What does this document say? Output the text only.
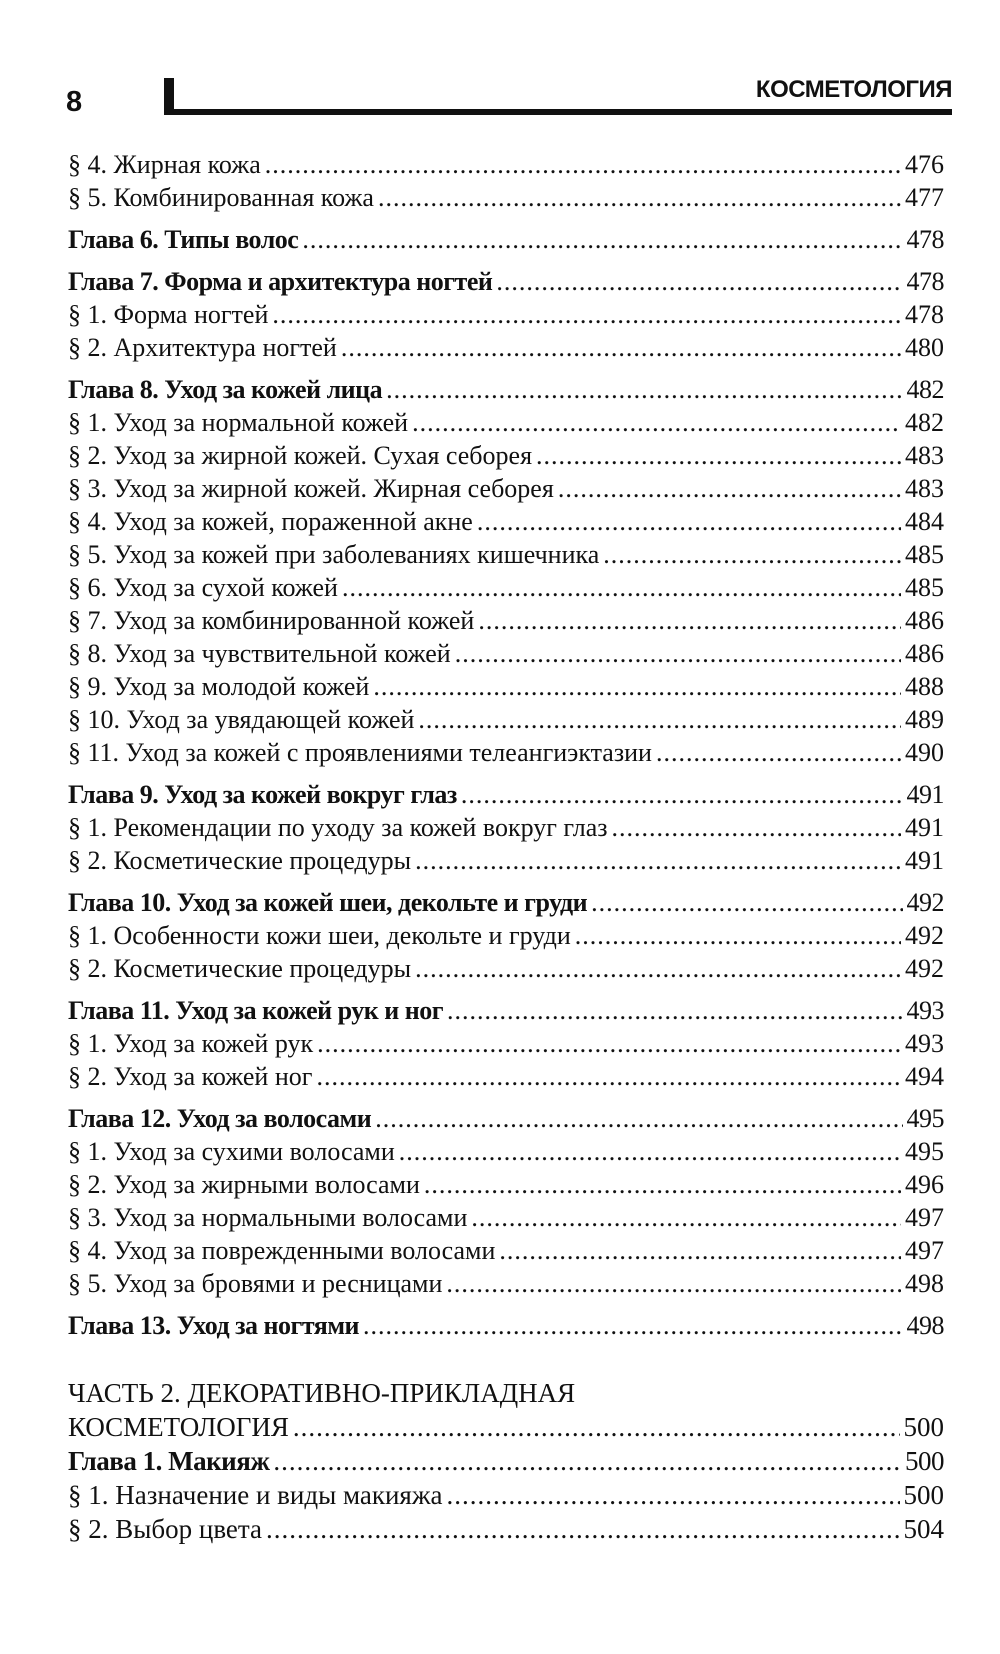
8	КОСМЕТОЛОГИЯ
§ 4. Жирная кожа .....	476
§ 5. Комбинированная кожа .....	477
Глава 6. Типы волос .....	478
Глава 7. Форма и архитектура ногтей .....	478
§ 1. Форма ногтей .....	478
§ 2. Архитектура ногтей .....	480
Глава 8. Уход за кожей лица .....	482
§ 1. Уход за нормальной кожей .....	482
§ 2. Уход за жирной кожей. Сухая себорея .....	483
§ 3. Уход за жирной кожей. Жирная себорея .....	483
§ 4. Уход за кожей, пораженной акне .....	484
§ 5. Уход за кожей при заболеваниях кишечника .....	485
§ 6. Уход за сухой кожей .....	485
§ 7. Уход за комбинированной кожей .....	486
§ 8. Уход за чувствительной кожей .....	486
§ 9. Уход за молодой кожей .....	488
§ 10. Уход за увядающей кожей .....	489
§ 11. Уход за кожей с проявлениями телеангиэктазии .....	490
Глава 9. Уход за кожей вокруг глаз .....	491
§ 1. Рекомендации по уходу за кожей вокруг глаз .....	491
§ 2. Косметические процедуры .....	491
Глава 10. Уход за кожей шеи, декольте и груди .....	492
§ 1. Особенности кожи шеи, декольте и груди .....	492
§ 2. Косметические процедуры .....	492
Глава 11. Уход за кожей рук и ног .....	493
§ 1. Уход за кожей рук .....	493
§ 2. Уход за кожей ног .....	494
Глава 12. Уход за волосами .....	495
§ 1. Уход за сухими волосами .....	495
§ 2. Уход за жирными волосами .....	496
§ 3. Уход за нормальными волосами .....	497
§ 4. Уход за поврежденными волосами .....	497
§ 5. Уход за бровями и ресницами .....	498
Глава 13. Уход за ногтями .....	498
ЧАСТЬ 2. ДЕКОРАТИВНО-ПРИКЛАДНАЯ
КОСМЕТОЛОГИЯ .....	500
Глава 1. Макияж .....	500
§ 1. Назначение и виды макияжа .....	500
§ 2. Выбор цвета .....	504
